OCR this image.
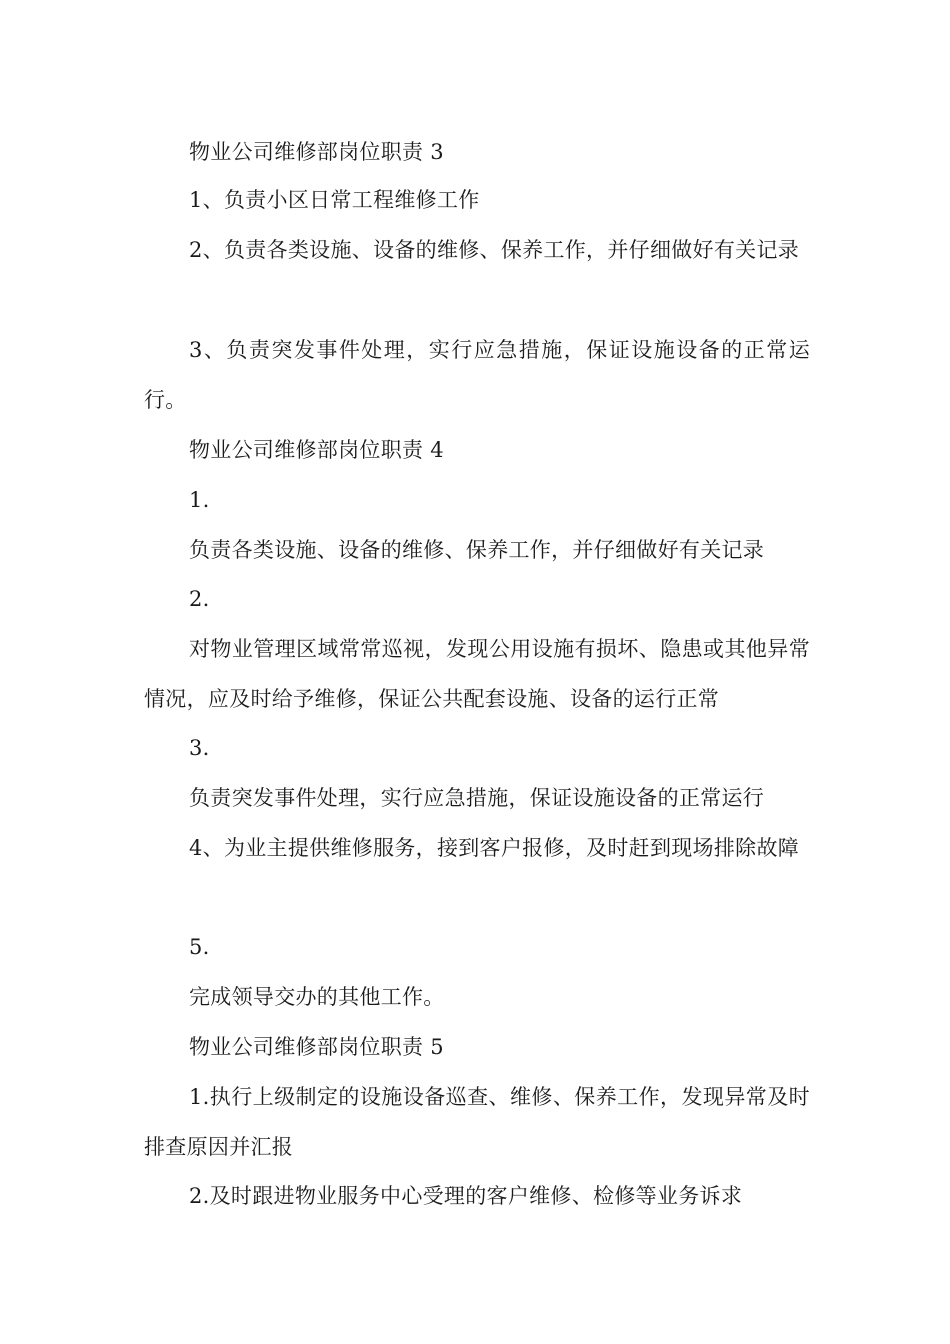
物业公司维修部岗位职责 3

1、负责小区日常工程维修工作

2、负责各类设施、设备的维修、保养工作，并仔细做好有关记录

3、负责突发事件处理，实行应急措施，保证设施设备的正常运行。

物业公司维修部岗位职责 4

1.

负责各类设施、设备的维修、保养工作，并仔细做好有关记录

2.

对物业管理区域常常巡视，发现公用设施有损坏、隐患或其他异常情况，应及时给予维修，保证公共配套设施、设备的运行正常

3.

负责突发事件处理，实行应急措施，保证设施设备的正常运行

4、为业主提供维修服务，接到客户报修，及时赶到现场排除故障

5.

完成领导交办的其他工作。

物业公司维修部岗位职责 5

1.执行上级制定的设施设备巡查、维修、保养工作，发现异常及时排查原因并汇报

2.及时跟进物业服务中心受理的客户维修、检修等业务诉求
